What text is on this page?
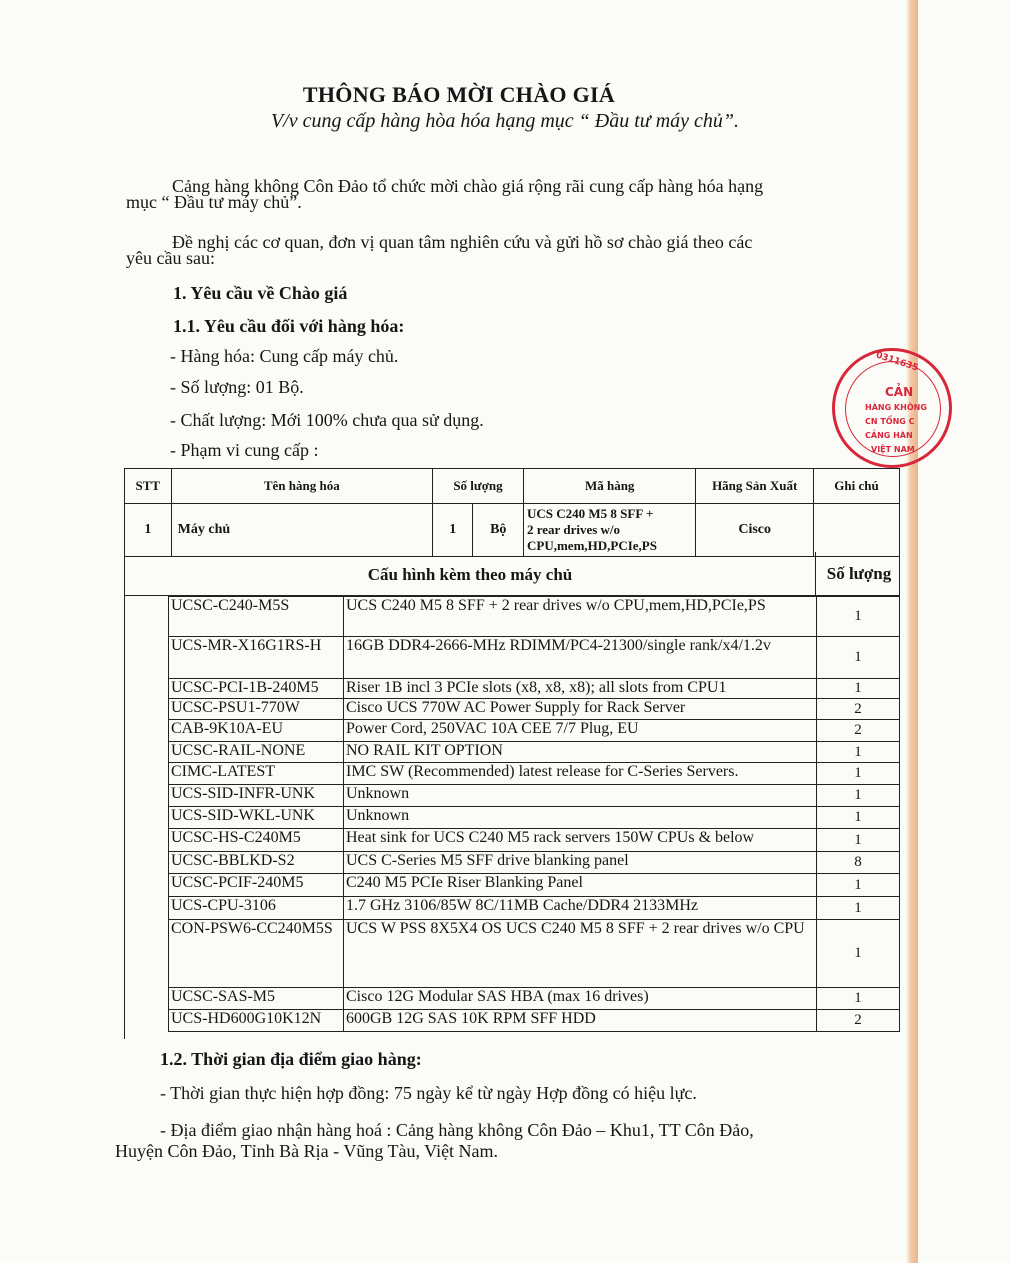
THÔNG BÁO MỜI CHÀO GIÁ
V/v cung cấp hàng hòa hóa hạng mục “ Đầu tư máy chủ”.
Cảng hàng không Côn Đảo tổ chức mời chào giá rộng rãi cung cấp hàng hóa hạng
mục “ Đầu tư máy chủ”.
Đề nghị các cơ quan, đơn vị quan tâm nghiên cứu và gửi hồ sơ chào giá theo các
yêu cầu sau:
1. Yêu cầu về Chào giá
1.1. Yêu cầu đối với hàng hóa:
- Hàng hóa: Cung cấp máy chủ.
- Số lượng: 01 Bộ.
- Chất lượng: Mới 100% chưa qua sử dụng.
- Phạm vi cung cấp :
STT	Tên hàng hóa	Số lượng		Mã hàng	Hãng Sản Xuất	Ghi chú
1	Máy chủ	1	Bộ	UCS C240 M5 8 SFF +
2 rear drives w/o
CPU,mem,HD,PCIe,PS	Cisco	
Cấu hình kèm theo máy chủ	Số lượng
UCSC-C240-M5S	UCS C240 M5 8 SFF + 2 rear drives w/o CPU,mem,HD,PCIe,PS	1
UCS-MR-X16G1RS-H	16GB DDR4-2666-MHz RDIMM/PC4-21300/single rank/x4/1.2v	1
UCSC-PCI-1B-240M5	Riser 1B incl 3 PCIe slots (x8, x8, x8); all slots from CPU1	1
UCSC-PSU1-770W	Cisco UCS 770W AC Power Supply for Rack Server	2
CAB-9K10A-EU	Power Cord, 250VAC 10A CEE 7/7 Plug, EU	2
UCSC-RAIL-NONE	NO RAIL KIT OPTION	1
CIMC-LATEST	IMC SW (Recommended) latest release for C-Series Servers.	1
UCS-SID-INFR-UNK	Unknown	1
UCS-SID-WKL-UNK	Unknown	1
UCSC-HS-C240M5	Heat sink for UCS C240 M5 rack servers 150W CPUs & below	1
UCSC-BBLKD-S2	UCS C-Series M5 SFF drive blanking panel	8
UCSC-PCIF-240M5	C240 M5 PCIe Riser Blanking Panel	1
UCS-CPU-3106	1.7 GHz 3106/85W 8C/11MB Cache/DDR4 2133MHz	1
CON-PSW6-CC240M5S	UCS W PSS 8X5X4 OS UCS C240 M5 8 SFF + 2 rear drives w/o CPU	1
UCSC-SAS-M5	Cisco 12G Modular SAS HBA (max 16 drives)	1
UCS-HD600G10K12N	600GB 12G SAS 10K RPM SFF HDD	2
1.2. Thời gian địa điểm giao hàng:
- Thời gian thực hiện hợp đồng: 75 ngày kể từ ngày Hợp đồng có hiệu lực.
- Địa điểm giao nhận hàng hoá : Cảng hàng không Côn Đảo – Khu1, TT Côn Đảo,
Huyện Côn Đảo, Tỉnh Bà Rịa - Vũng Tàu, Việt Nam.
0311635
CẢN
HÀNG KHÔNG
CN TỔNG C
CẢNG HÀN
VIỆT NAM
